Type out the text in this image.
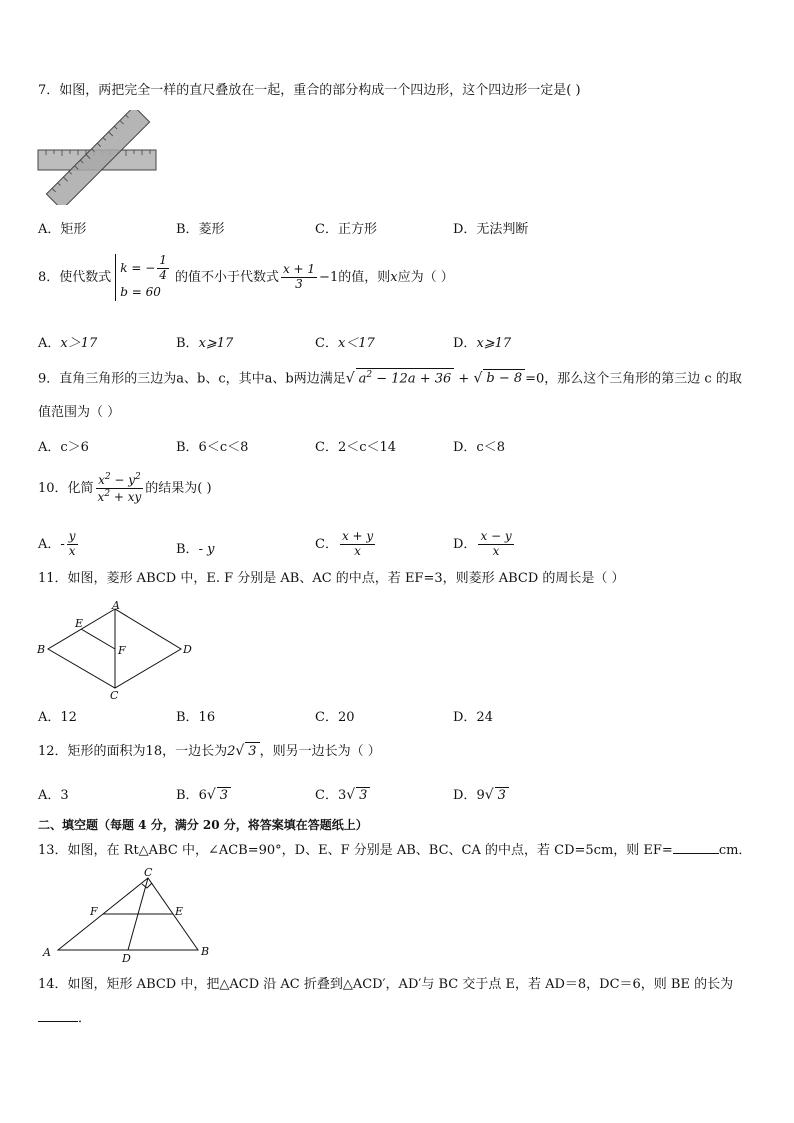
7．如图，两把完全一样的直尺叠放在一起，重合的部分构成一个四边形，这个四边形一定是( )
A．矩形	B．菱形	C．正方形	D．无法判断
8．使代数式
k = − $\frac{1}{4}$
b = 60
的值不小于代数式 $\frac{x + 1}{3} -1$的值，则x应为（ ）
A．x＞17	B．x⩾17	C．x＜17	D．x⩾17
9．直角三角形的三边为a、b、c，其中a、b两边满足√ $a^2 - 12a + 36$ + √ b − 8 =0，那么这个三角形的第三边 c 的取
值范围为（ ）
A．c＞6	B．6＜c＜8	C．2＜c＜14	D．c＜8
10．化简 $\frac{x^2 - y^2}{x^2 + xy}$ 的结果为( )
A．- $\frac{y}{x}$	B．- y	C． $\frac{x + y}{x}$	D． $\frac{x - y}{x}$
11．如图，菱形 ABCD 中，E. F 分别是 AB、AC 的中点，若 EF=3，则菱形 ABCD 的周长是（ ）
A
B
C
D
E
F
A．12	B．16	C．20	D．24
12．矩形的面积为18，一边长为2√ 3 ，则另一边长为（ ）
A．3	B．6√ 3	C．3√ 3	D．9√ 3
二、填空题（每题 4 分，满分 20 分，将答案填在答题纸上）
13．如图，在 Rt△ABC 中，∠ACB=90°，D、E、F 分别是 AB、BC、CA 的中点，若 CD=5cm，则 EF=	cm．
C
A	B
D
F	E
14．如图，矩形 ABCD 中，把△ACD 沿 AC 折叠到△ACD′，AD′与 BC 交于点 E，若 AD＝8，DC＝6，则 BE 的长为
．
